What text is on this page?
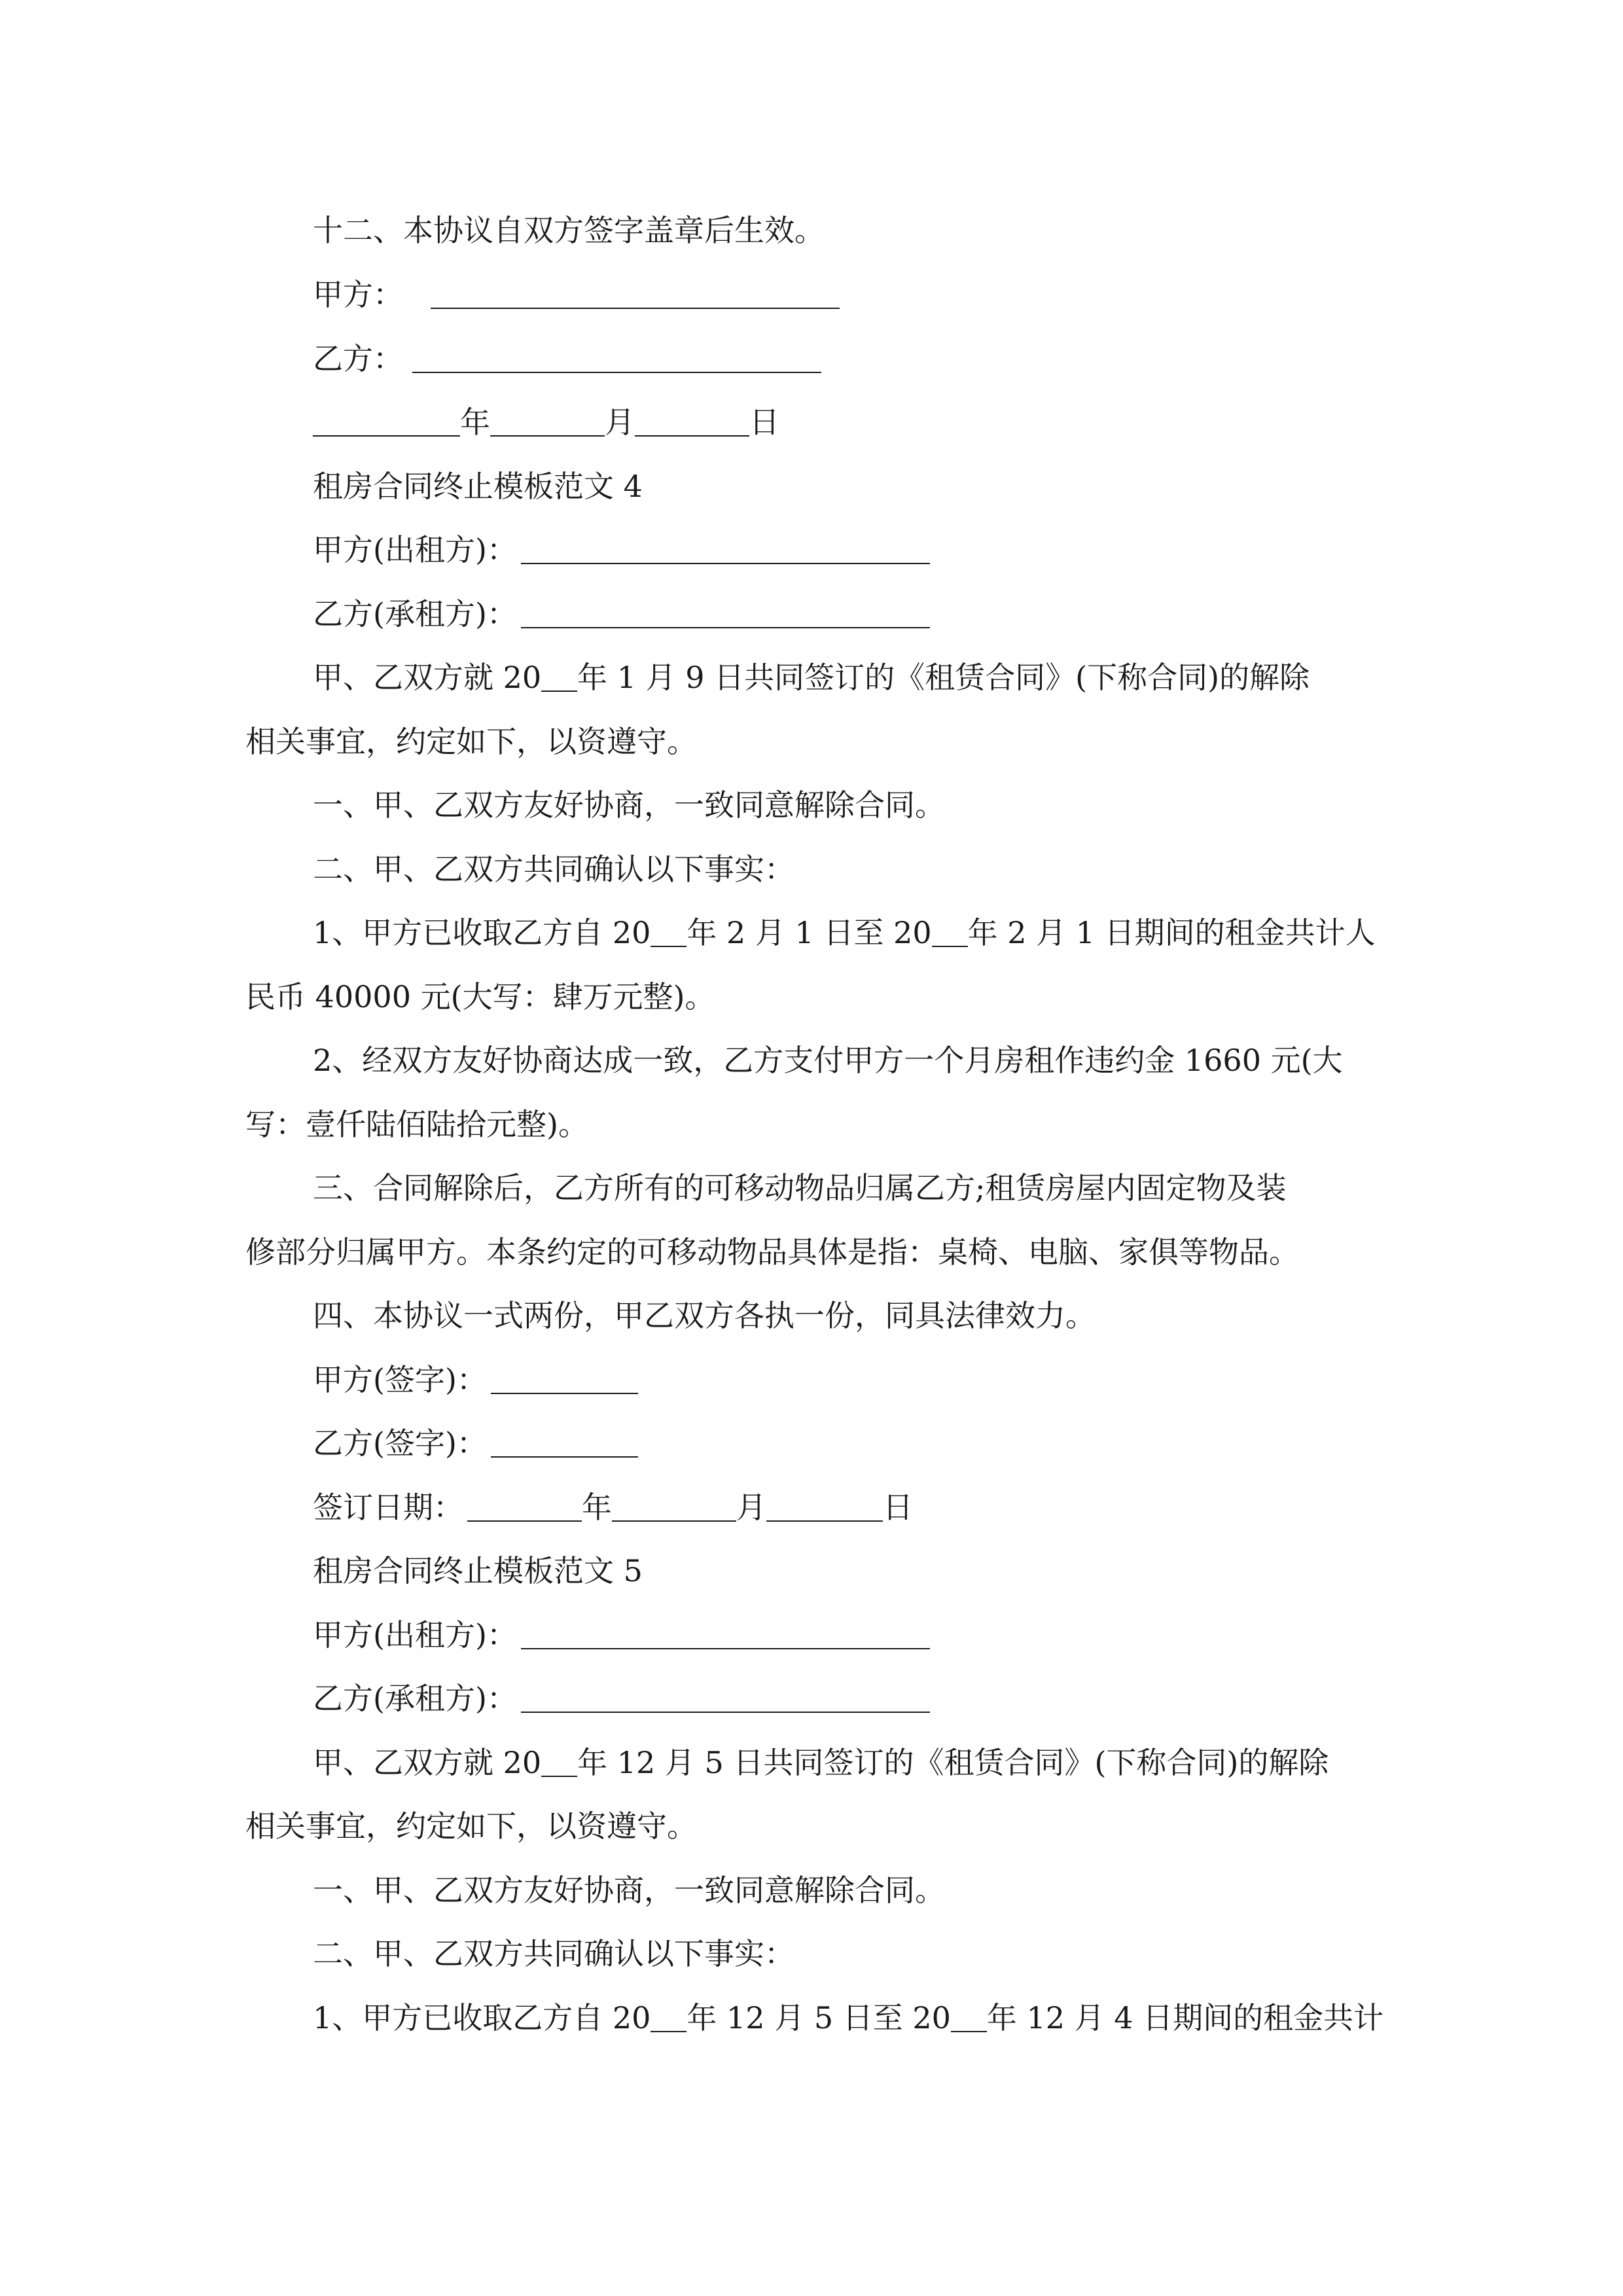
十二、本协议自双方签字盖章后生效。
甲方：
乙方：
年	月	日
租房合同终止模板范文 4
甲方(出租方)：
乙方(承租方)：
甲、乙双方就 20 年 1 月 9 日共同签订的《租赁合同》(下称合同)的解除
相关事宜，约定如下，以资遵守。
一、甲、乙双方友好协商，一致同意解除合同。
二、甲、乙双方共同确认以下事实：
1、甲方已收取乙方自 20 年 2 月 1 日至 20 年 2 月 1 日期间的租金共计人
民币 40000 元(大写：肆万元整)。
2、经双方友好协商达成一致，乙方支付甲方一个月房租作违约金 1660 元(大
写：壹仟陆佰陆拾元整)。
三、合同解除后，乙方所有的可移动物品归属乙方;租赁房屋内固定物及装
修部分归属甲方。本条约定的可移动物品具体是指：桌椅、电脑、家俱等物品。
四、本协议一式两份，甲乙双方各执一份，同具法律效力。
甲方(签字)：
乙方(签字)：
签订日期：	年	月	日
租房合同终止模板范文 5
甲方(出租方)：
乙方(承租方)：
甲、乙双方就 20 年 12 月 5 日共同签订的《租赁合同》(下称合同)的解除
相关事宜，约定如下，以资遵守。
一、甲、乙双方友好协商，一致同意解除合同。
二、甲、乙双方共同确认以下事实：
1、甲方已收取乙方自 20 年 12 月 5 日至 20 年 12 月 4 日期间的租金共计
